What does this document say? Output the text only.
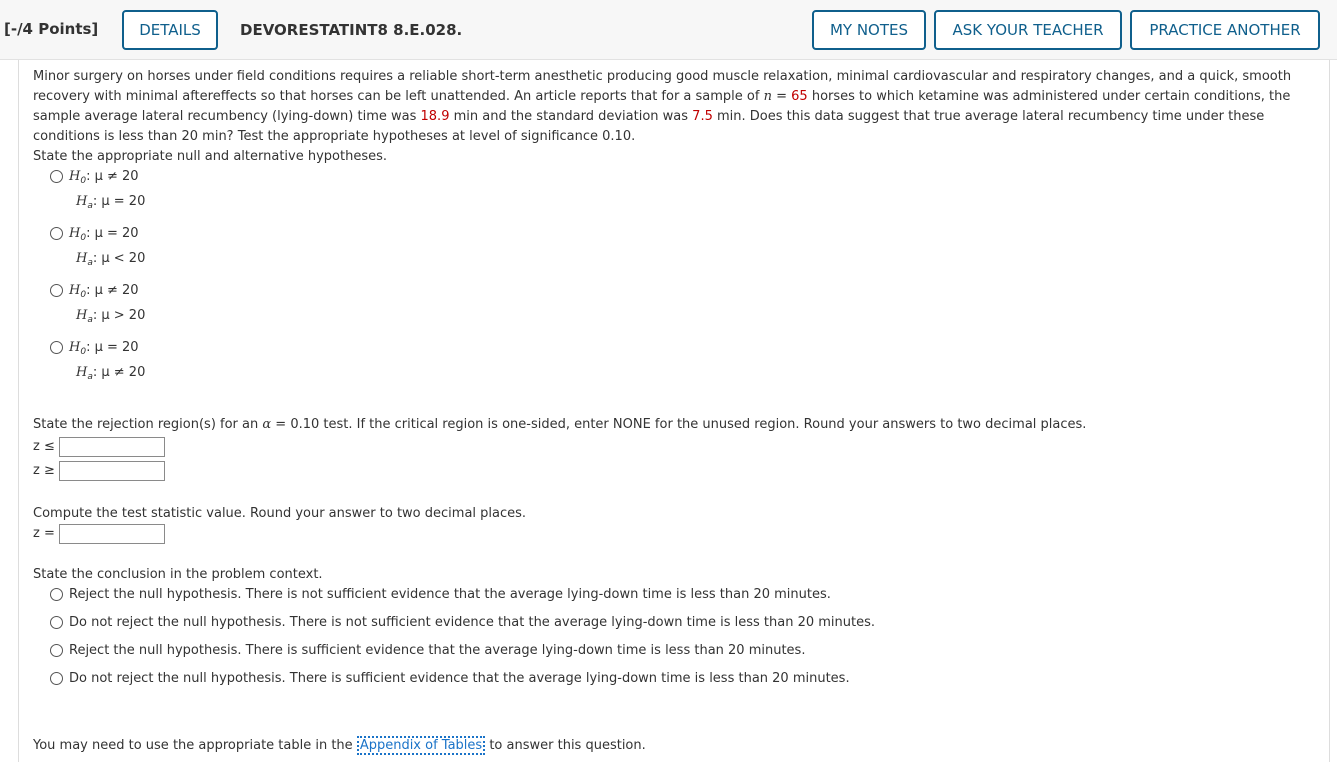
[-/4 Points]	DETAILS	DEVORESTATINT8 8.E.028.	MY NOTES	ASK YOUR TEACHER	PRACTICE ANOTHER
Minor surgery on horses under field conditions requires a reliable short-term anesthetic producing good muscle relaxation, minimal cardiovascular and respiratory changes, and a quick, smooth
recovery with minimal aftereffects so that horses can be left unattended. An article reports that for a sample of n = 65 horses to which ketamine was administered under certain conditions, the
sample average lateral recumbency (lying-down) time was 18.9 min and the standard deviation was 7.5 min. Does this data suggest that true average lateral recumbency time under these
conditions is less than 20 min? Test the appropriate hypotheses at level of significance 0.10.
State the appropriate null and alternative hypotheses.
$H_0$: μ ≠ 20
$H_a$: μ = 20
$H_0$: μ = 20
$H_a$: μ < 20
$H_0$: μ ≠ 20
$H_a$: μ > 20
$H_0$: μ = 20
$H_a$: μ ≠ 20
State the rejection region(s) for an α = 0.10 test. If the critical region is one-sided, enter NONE for the unused region. Round your answers to two decimal places.
z ≤
z ≥
Compute the test statistic value. Round your answer to two decimal places.
z =
State the conclusion in the problem context.
Reject the null hypothesis. There is not sufficient evidence that the average lying-down time is less than 20 minutes.
Do not reject the null hypothesis. There is not sufficient evidence that the average lying-down time is less than 20 minutes.
Reject the null hypothesis. There is sufficient evidence that the average lying-down time is less than 20 minutes.
Do not reject the null hypothesis. There is sufficient evidence that the average lying-down time is less than 20 minutes.
You may need to use the appropriate table in the Appendix of Tables to answer this question.
